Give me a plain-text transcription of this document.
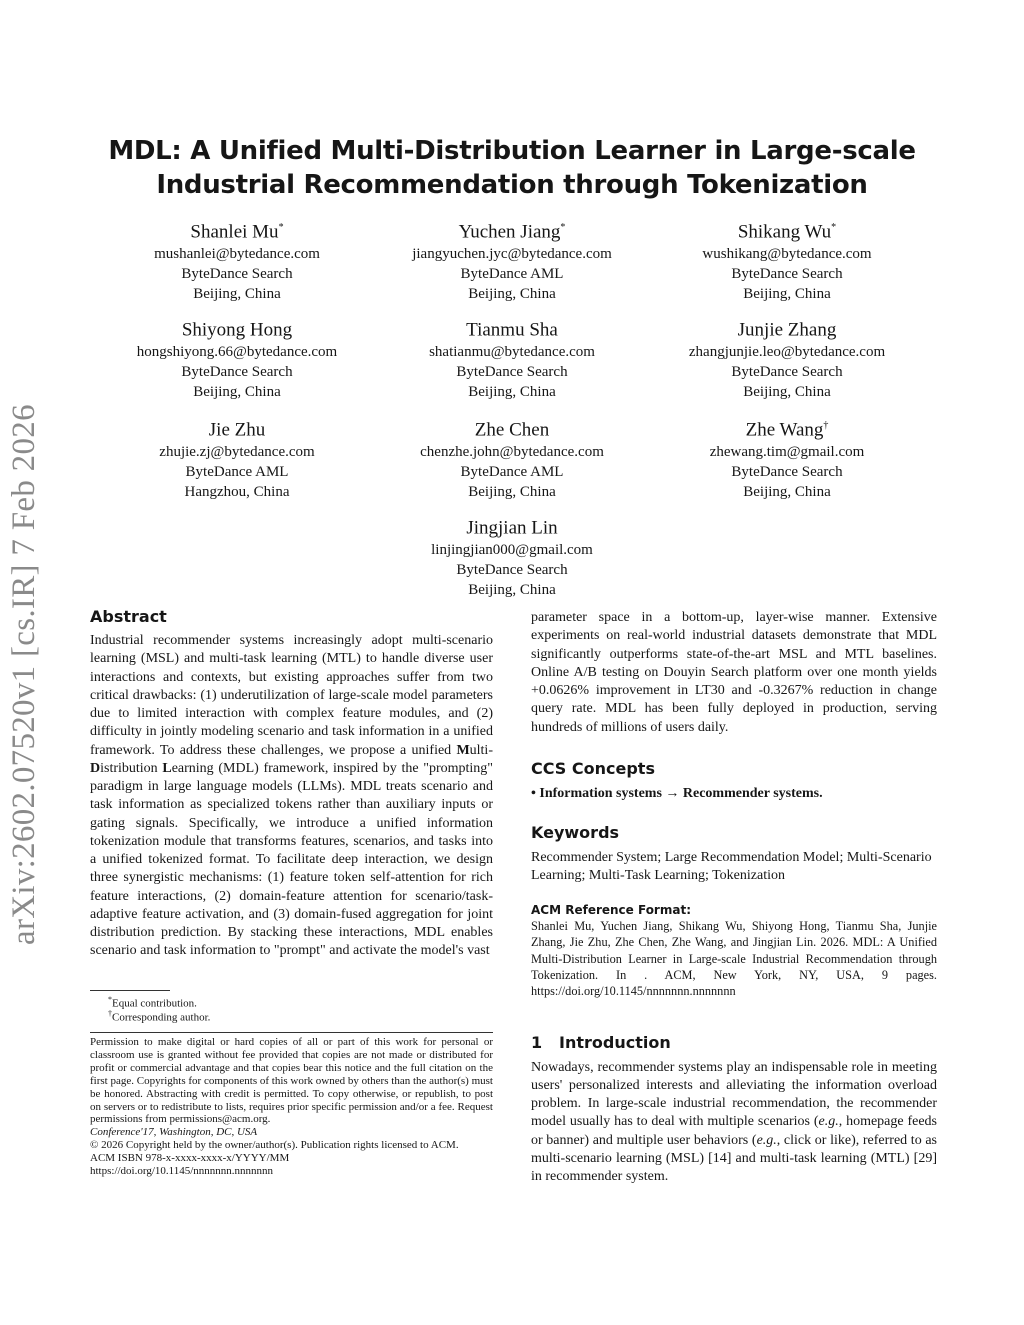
arXiv:2602.07520v1 [cs.IR] 7 Feb 2026
MDL: A Unified Multi-Distribution Learner in Large-scale
Industrial Recommendation through Tokenization
Shanlei Mu*
mushanlei@bytedance.com
ByteDance Search
Beijing, China
Yuchen Jiang*
jiangyuchen.jyc@bytedance.com
ByteDance AML
Beijing, China
Shikang Wu*
wushikang@bytedance.com
ByteDance Search
Beijing, China
Shiyong Hong
hongshiyong.66@bytedance.com
ByteDance Search
Beijing, China
Tianmu Sha
shatianmu@bytedance.com
ByteDance Search
Beijing, China
Junjie Zhang
zhangjunjie.leo@bytedance.com
ByteDance Search
Beijing, China
Jie Zhu
zhujie.zj@bytedance.com
ByteDance AML
Hangzhou, China
Zhe Chen
chenzhe.john@bytedance.com
ByteDance AML
Beijing, China
Zhe Wang†
zhewang.tim@gmail.com
ByteDance Search
Beijing, China
Jingjian Lin
linjingjian000@gmail.com
ByteDance Search
Beijing, China
Abstract

Industrial recommender systems increasingly adopt multi-scenario learning (MSL) and multi-task learning (MTL) to handle diverse user interactions and contexts, but existing approaches suffer from two critical drawbacks: (1) underutilization of large-scale model parameters due to limited interaction with complex feature modules, and (2) difficulty in jointly modeling scenario and task information in a unified framework. To address these challenges, we propose a unified Multi-Distribution Learning (MDL) framework, inspired by the "prompting" paradigm in large language models (LLMs). MDL treats scenario and task information as specialized tokens rather than auxiliary inputs or gating signals. Specifically, we introduce a unified information tokenization module that transforms features, scenarios, and tasks into a unified tokenized format. To facilitate deep interaction, we design three synergistic mechanisms: (1) feature token self-attention for rich feature interactions, (2) domain-feature attention for scenario/task-adaptive feature activation, and (3) domain-fused aggregation for joint distribution prediction. By stacking these interactions, MDL enables scenario and task information to "prompt" and activate the model's vast

*Equal contribution.
†Corresponding author.

Permission to make digital or hard copies of all or part of this work for personal or classroom use is granted without fee provided that copies are not made or distributed for profit or commercial advantage and that copies bear this notice and the full citation on the first page. Copyrights for components of this work owned by others than the author(s) must be honored. Abstracting with credit is permitted. To copy otherwise, or republish, to post on servers or to redistribute to lists, requires prior specific permission and/or a fee. Request permissions from permissions@acm.org.

Conference'17, Washington, DC, USA

© 2026 Copyright held by the owner/author(s). Publication rights licensed to ACM.

ACM ISBN 978-x-xxxx-xxxx-x/YYYY/MM

https://doi.org/10.1145/nnnnnnn.nnnnnnn

parameter space in a bottom-up, layer-wise manner. Extensive experiments on real-world industrial datasets demonstrate that MDL significantly outperforms state-of-the-art MSL and MTL baselines. Online A/B testing on Douyin Search platform over one month yields +0.0626% improvement in LT30 and -0.3267% reduction in change query rate. MDL has been fully deployed in production, serving hundreds of millions of users daily.

CCS Concepts
• Information systems → Recommender systems.
Keywords

Recommender System; Large Recommendation Model; Multi-Scenario Learning; Multi-Task Learning; Tokenization

ACM Reference Format:

Shanlei Mu, Yuchen Jiang, Shikang Wu, Shiyong Hong, Tianmu Sha, Junjie Zhang, Jie Zhu, Zhe Chen, Zhe Wang, and Jingjian Lin. 2026. MDL: A Unified Multi-Distribution Learner in Large-scale Industrial Recommendation through Tokenization. In . ACM, New York, NY, USA, 9 pages. https://doi.org/10.1145/nnnnnnn.nnnnnnn

1 Introduction

Nowadays, recommender systems play an indispensable role in meeting users' personalized interests and alleviating the information overload problem. In large-scale industrial recommendation, the recommender model usually has to deal with multiple scenarios (e.g., homepage feeds or banner) and multiple user behaviors (e.g., click or like), referred to as multi-scenario learning (MSL) [14] and multi-task learning (MTL) [29] in recommender system.
